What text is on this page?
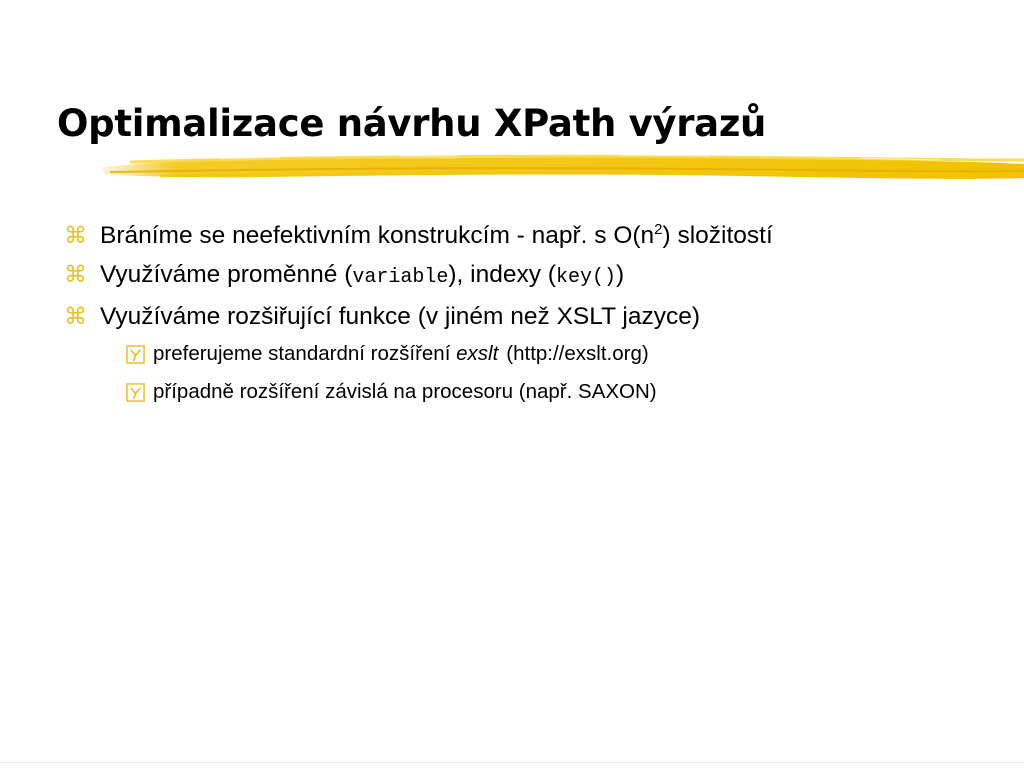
Optimalizace návrhu XPath výrazů
⌘ Bráníme se neefektivním konstrukcím - např. s $O(n^2)$ složitostí
⌘ Využíváme proměnné (variable), indexy (key())
⌘ Využíváme rozšiřující funkce (v jiném než XSLT jazyce)
preferujeme standardní rozšíření exslt (http://exslt.org)
případně rozšíření závislá na procesoru (např. SAXON)
